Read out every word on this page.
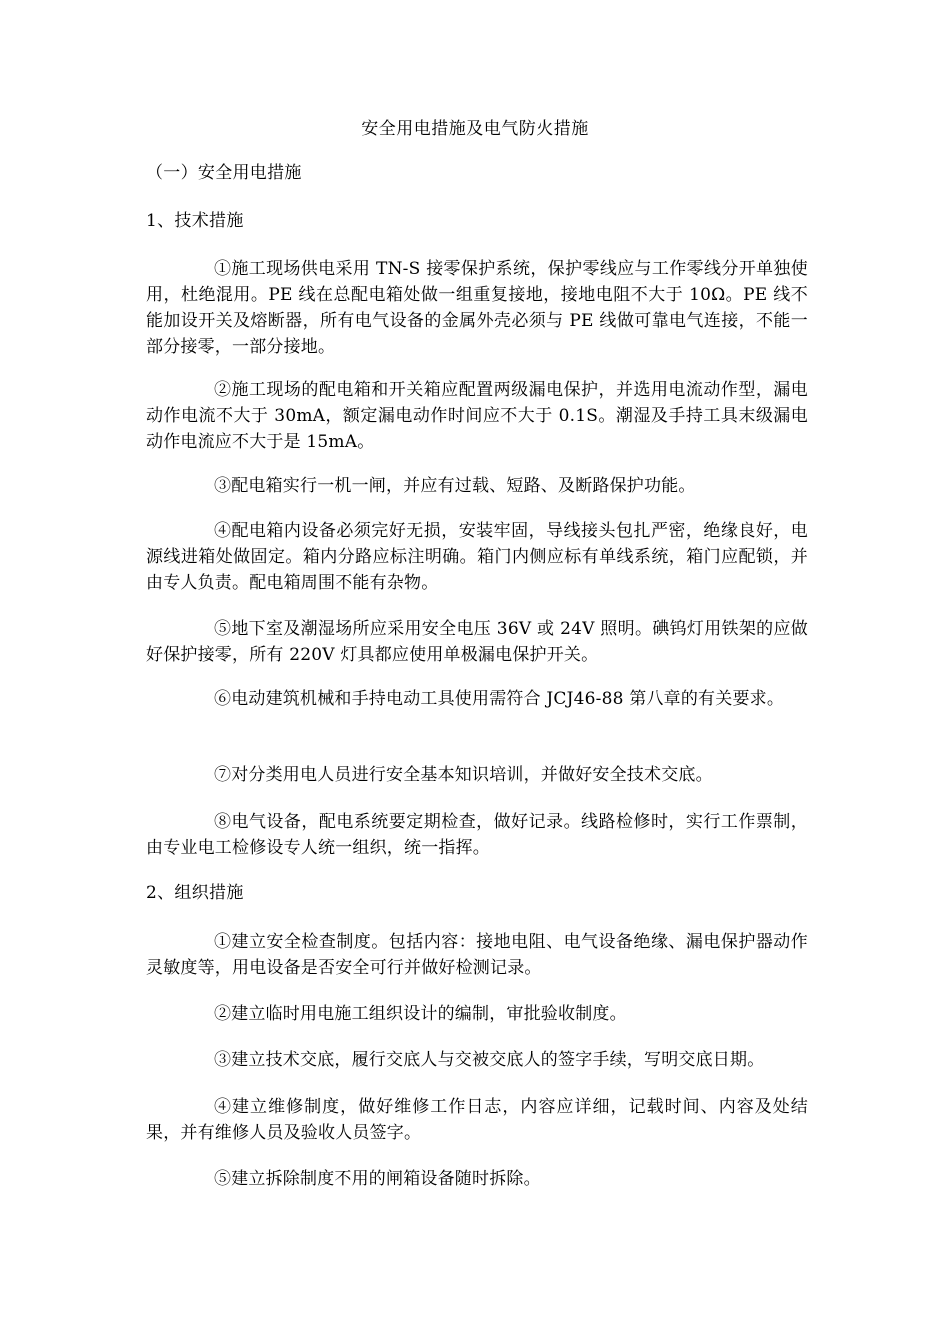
安全用电措施及电气防火措施
（一）安全用电措施
1、技术措施
①施工现场供电采用 TN-S 接零保护系统，保护零线应与工作零线分开单独使用，杜绝混用。PE 线在总配电箱处做一组重复接地，接地电阻不大于 10Ω。PE 线不能加设开关及熔断器，所有电气设备的金属外壳必须与 PE 线做可靠电气连接，不能一部分接零，一部分接地。
②施工现场的配电箱和开关箱应配置两级漏电保护，并选用电流动作型，漏电动作电流不大于 30mA，额定漏电动作时间应不大于 0.1S。潮湿及手持工具末级漏电动作电流应不大于是 15mA。
③配电箱实行一机一闸，并应有过载、短路、及断路保护功能。
④配电箱内设备必须完好无损，安装牢固，导线接头包扎严密，绝缘良好，电源线进箱处做固定。箱内分路应标注明确。箱门内侧应标有单线系统，箱门应配锁，并由专人负责。配电箱周围不能有杂物。
⑤地下室及潮湿场所应采用安全电压 36V 或 24V 照明。碘钨灯用铁架的应做好保护接零，所有 220V 灯具都应使用单极漏电保护开关。
⑥电动建筑机械和手持电动工具使用需符合 JCJ46-88 第八章的有关要求。
⑦对分类用电人员进行安全基本知识培训，并做好安全技术交底。
⑧电气设备，配电系统要定期检查，做好记录。线路检修时，实行工作票制，由专业电工检修设专人统一组织，统一指挥。
2、组织措施
①建立安全检查制度。包括内容：接地电阻、电气设备绝缘、漏电保护器动作灵敏度等，用电设备是否安全可行并做好检测记录。
②建立临时用电施工组织设计的编制，审批验收制度。
③建立技术交底，履行交底人与交被交底人的签字手续，写明交底日期。
④建立维修制度，做好维修工作日志，内容应详细，记载时间、内容及处结果，并有维修人员及验收人员签字。
⑤建立拆除制度不用的闸箱设备随时拆除。
